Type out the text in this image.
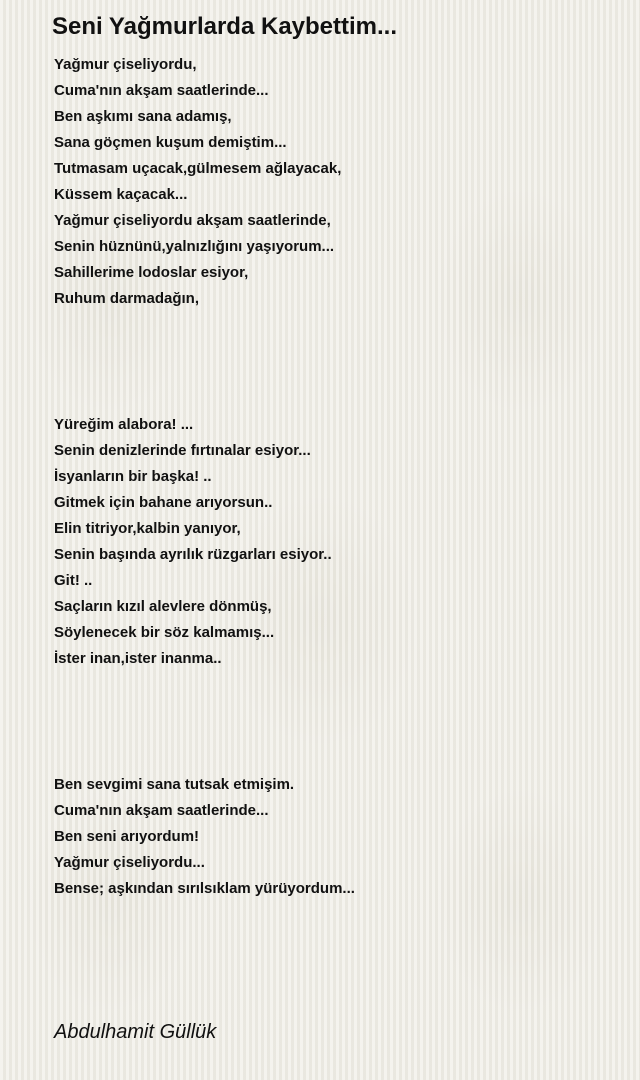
Seni Yağmurlarda Kaybettim...
Yağmur çiseliyordu,
Cuma'nın akşam saatlerinde...
Ben aşkımı sana adamış,
Sana göçmen kuşum demiştim...
Tutmasam uçacak,gülmesem ağlayacak,
Küssem kaçacak...
Yağmur çiseliyordu akşam saatlerinde,
Senin hüznünü,yalnızlığını yaşıyorum...
Sahillerime lodoslar esiyor,
Ruhum darmadağın,
Yüreğim alabora! ...
Senin denizlerinde fırtınalar esiyor...
İsyanların bir başka! ..
Gitmek için bahane arıyorsun..
Elin titriyor,kalbin yanıyor,
Senin başında ayrılık rüzgarları esiyor..
Git! ..
Saçların kızıl alevlere dönmüş,
Söylenecek bir söz kalmamış...
İster inan,ister inanma..
Ben sevgimi sana tutsak etmişim.
Cuma'nın akşam saatlerinde...
Ben seni arıyordum!
Yağmur çiseliyordu...
Bense; aşkından sırılsıklam yürüyordum...

Abdulhamit Güllük
